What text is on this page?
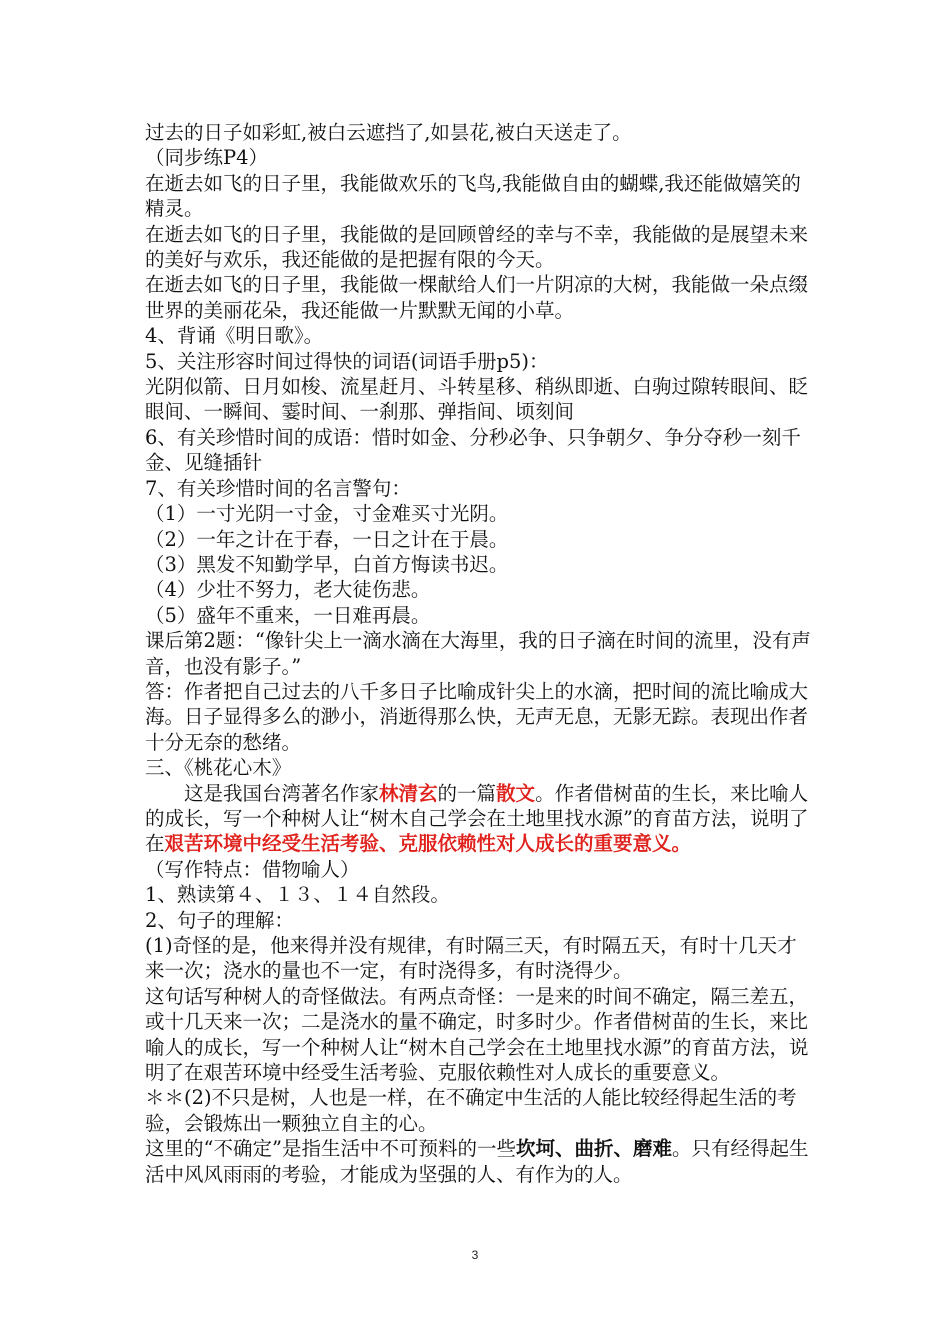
过去的日子如彩虹,被白云遮挡了,如昙花,被白天送走了。

（同步练P4）

在逝去如飞的日子里，我能做欢乐的飞鸟,我能做自由的蝴蝶,我还能做嬉笑的精灵。

在逝去如飞的日子里，我能做的是回顾曾经的幸与不幸，我能做的是展望未来的美好与欢乐，我还能做的是把握有限的今天。

在逝去如飞的日子里，我能做一棵献给人们一片阴凉的大树，我能做一朵点缀世界的美丽花朵，我还能做一片默默无闻的小草。

4、背诵《明日歌》。

5、关注形容时间过得快的词语(词语手册p5)：

光阴似箭、日月如梭、流星赶月、斗转星移、稍纵即逝、白驹过隙转眼间、眨眼间、一瞬间、霎时间、一刹那、弹指间、顷刻间

6、有关珍惜时间的成语：惜时如金、分秒必争、只争朝夕、争分夺秒一刻千金、见缝插针

7、有关珍惜时间的名言警句：

（1）一寸光阴一寸金，寸金难买寸光阴。

（2）一年之计在于春，一日之计在于晨。

（3）黑发不知勤学早，白首方悔读书迟。

（4）少壮不努力，老大徒伤悲。

（5）盛年不重来，一日难再晨。

课后第2题：“像针尖上一滴水滴在大海里，我的日子滴在时间的流里，没有声音，也没有影子。”

答：作者把自己过去的八千多日子比喻成针尖上的水滴，把时间的流比喻成大海。日子显得多么的渺小，消逝得那么快，无声无息，无影无踪。表现出作者十分无奈的愁绪。

三、《桃花心木》

这是我国台湾著名作家林清玄的一篇散文。作者借树苗的生长，来比喻人的成长，写一个种树人让“树木自己学会在土地里找水源”的育苗方法，说明了在艰苦环境中经受生活考验、克服依赖性对人成长的重要意义。

（写作特点：借物喻人）

1、熟读第４、１３、１４自然段。

2、句子的理解：

(1)奇怪的是，他来得并没有规律，有时隔三天，有时隔五天，有时十几天才来一次；浇水的量也不一定，有时浇得多，有时浇得少。

这句话写种树人的奇怪做法。有两点奇怪：一是来的时间不确定，隔三差五，或十几天来一次；二是浇水的量不确定，时多时少。作者借树苗的生长，来比喻人的成长，写一个种树人让“树木自己学会在土地里找水源”的育苗方法，说明了在艰苦环境中经受生活考验、克服依赖性对人成长的重要意义。

＊＊(2)不只是树，人也是一样，在不确定中生活的人能比较经得起生活的考验，会锻炼出一颗独立自主的心。

这里的“不确定”是指生活中不可预料的一些坎坷、曲折、磨难。只有经得起生活中风风雨雨的考验，才能成为坚强的人、有作为的人。

3
